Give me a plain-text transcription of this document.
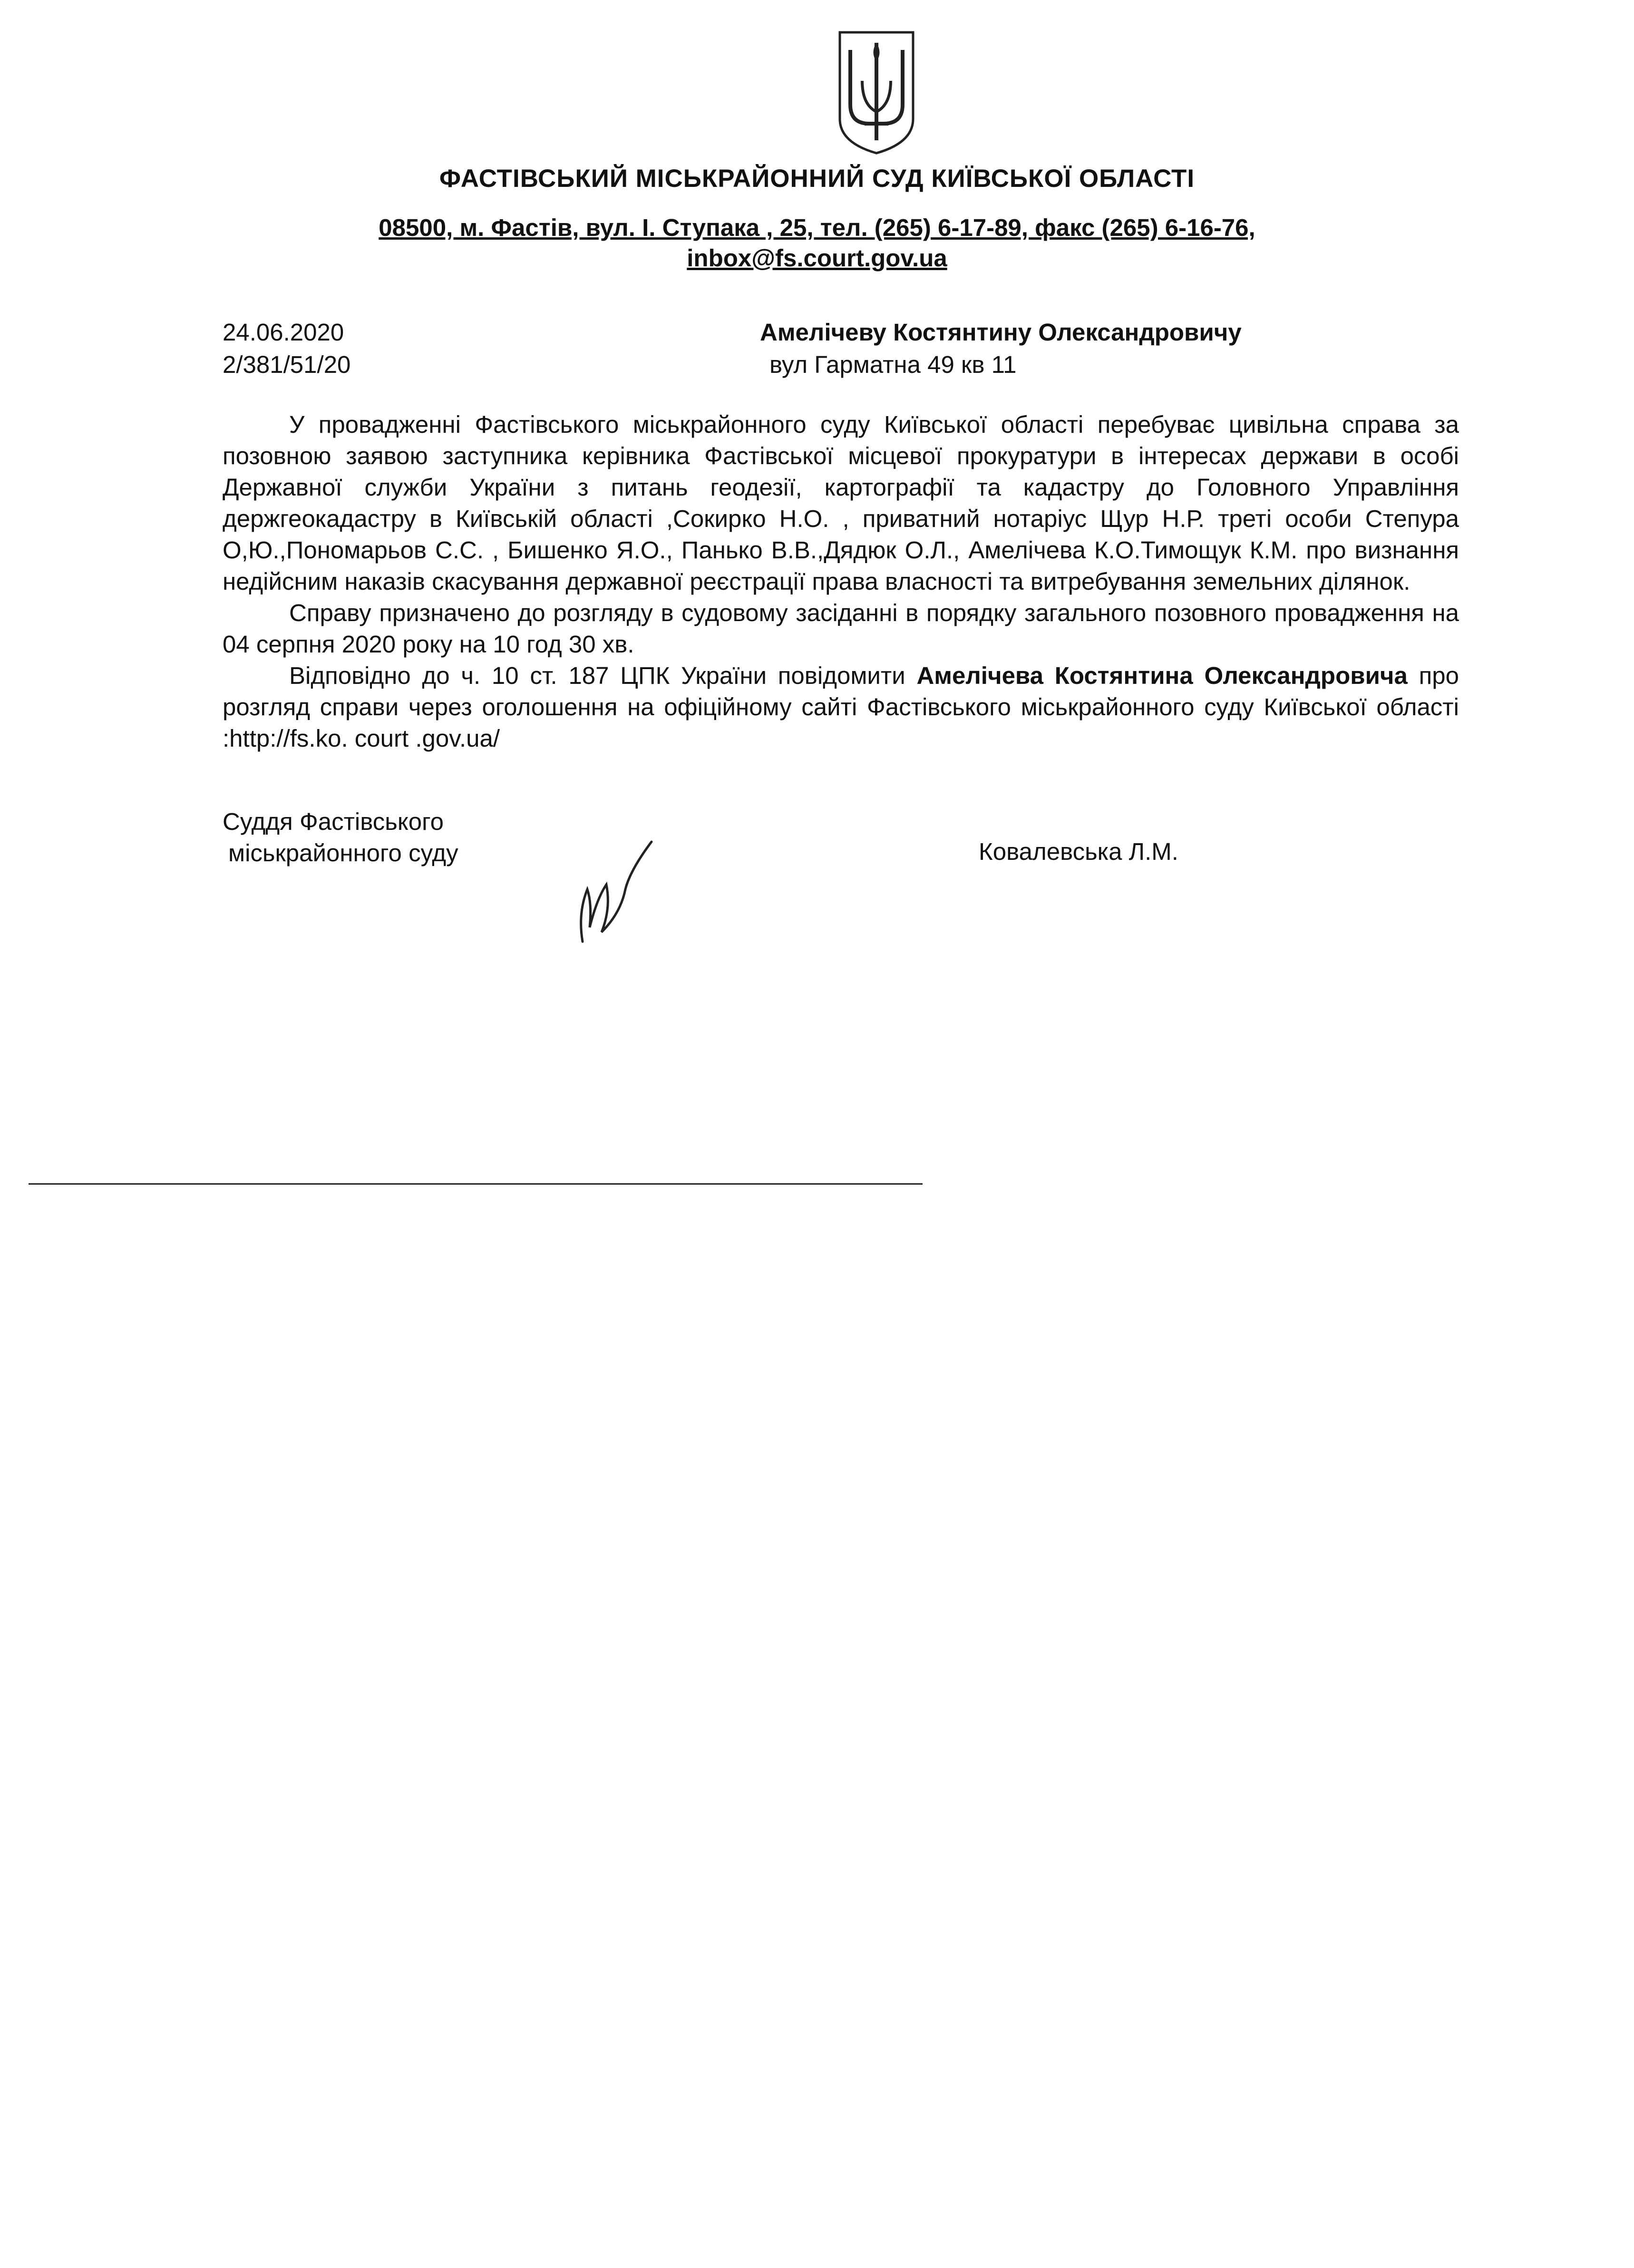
ФАСТІВСЬКИЙ МІСЬКРАЙОННИЙ СУД КИЇВСЬКОЇ ОБЛАСТІ
08500, м. Фастів, вул. І. Ступака , 25, тел. (265) 6-17-89, факс (265) 6-16-76,
inbox@fs.court.gov.ua
24.06.2020
2/381/51/20
Амелічеву Костянтину Олександровичу
вул Гарматна 49 кв 11

У провадженні Фастівського міськрайонного суду Київської області перебуває цивільна справа за позовною заявою заступника керівника Фастівської місцевої прокуратури в інтересах держави в особі Державної служби України з питань геодезії, картографії та кадастру до Головного Управління держгеокадастру в Київській області ,Сокирко Н.О. , приватний нотаріус Щур Н.Р. треті особи Степура О,Ю.,Пономарьов С.С. , Бишенко Я.О., Панько В.В.,Дядюк О.Л., Амелічева К.О.Тимощук К.М. про визнання недійсним наказів скасування державної реєстрації права власності та витребування земельних ділянок.

Справу призначено до розгляду в судовому засіданні в порядку загального позовного провадження на 04 серпня 2020 року на 10 год 30 хв.

Відповідно до ч. 10 ст. 187 ЦПК України повідомити Амелічева Костянтина Олександровича про розгляд справи через оголошення на офіційному сайті Фастівського міськрайонного суду Київської області :http://fs.ko. court .gov.ua/

Суддя Фастівського
міськрайонного суду	Ковалевська Л.М.
